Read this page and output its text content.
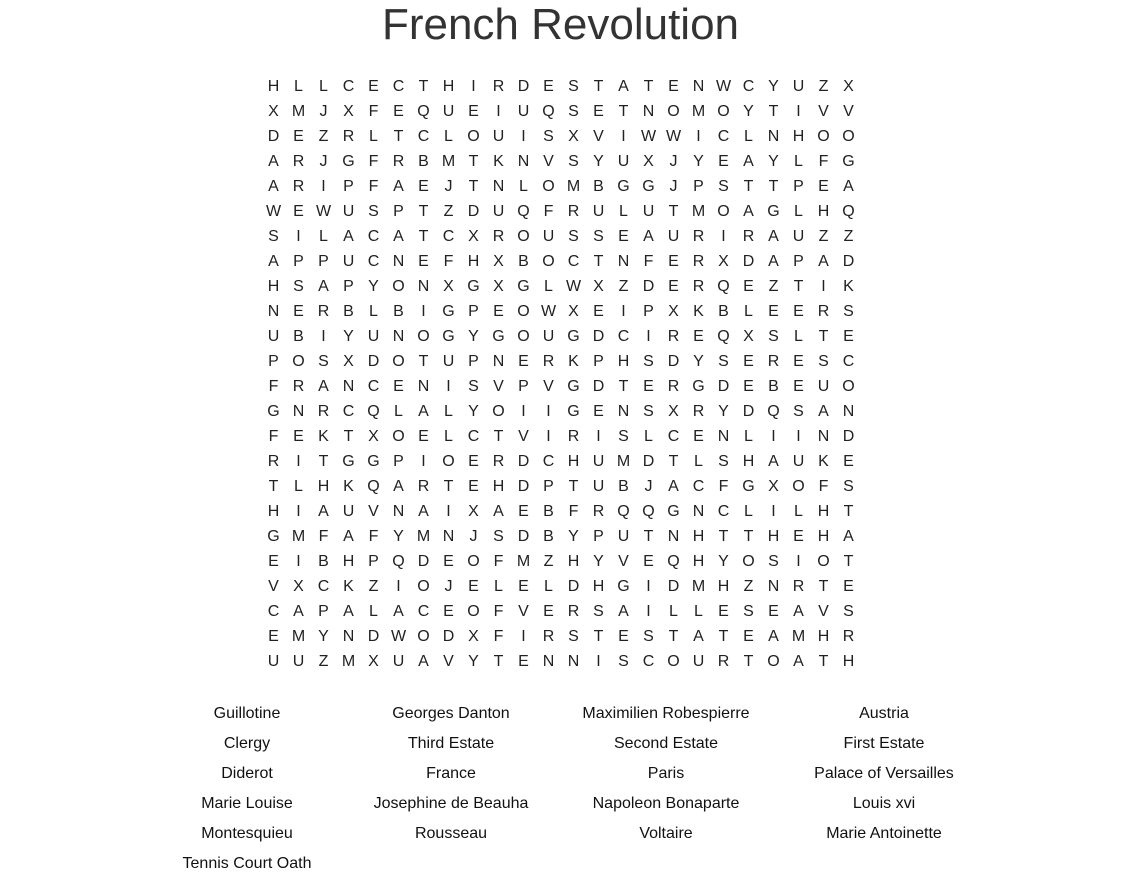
French Revolution
H L	L C E C T H	I	R D E S T A T E N W C Y U Z X
X M J X F E Q U E	I	U Q S E T N O M O Y T	I	V V
D E Z R L T C L O U	I	S X V	I W W I	C L N H O O
A R J G F R B M T K N V S Y U X J Y E A Y L F G
A R	I	P F A E J	T N L O M B G G J P S T T P E A
W E W U S P T Z D U Q F R U L U T M O A G L H Q
S	I	L A C A T C X R O U S S E A U R	I	R A U Z Z
A P P U C N E F H X B O C T N F E R X D A P A D
H S A P Y O N X G X G L W X Z D E R Q E Z T	I	K
N E R B L B	I	G P E O W X E	I	P X K B L E E R S
U B	I	Y U N O G Y G O U G D C	I	R E Q X S L T E
P O S X D O T U P N E R K P H S D Y S E R E S C
F R A N C E N	I	S V P V G D T E R G D E B E U O
G N R C Q L A L Y O	I	I	G E N S X R Y D Q S A N
F E K T X O E L C T V	I	R	I	S L C E N L	I	I	N D
R	I	T G G P	I	O E R D C H U M D T L S H A U K E
T L H K Q A R T E H D P T U B J A C F G X O F S
H	I	A U V N A	I	X A E B F R Q Q G N C L	I	L H T
G M F A F Y M N J S D B Y P U T N H T T H E H A
E	I	B H P Q D E O F M Z H Y V E Q H Y O S	I	O T
V X C K Z	I	O J E L E L D H G	I	D M H Z N R T E
C A P A L A C E O F V E R S A	I	L	L E S E A V S
E M Y N D W O D X F	I	R S T E S T A T E A M H R
U U Z M X U A V Y T E N N	I	S C O U R T O A T H
Guillotine	Georges Danton	Maximilien Robespierre	Austria
Clergy	Third Estate	Second Estate	First Estate
Diderot	France	Paris	Palace of Versailles
Marie Louise	Josephine de Beauha	Napoleon Bonaparte	Louis xvi
Montesquieu	Rousseau	Voltaire	Marie Antoinette
Tennis Court Oath
